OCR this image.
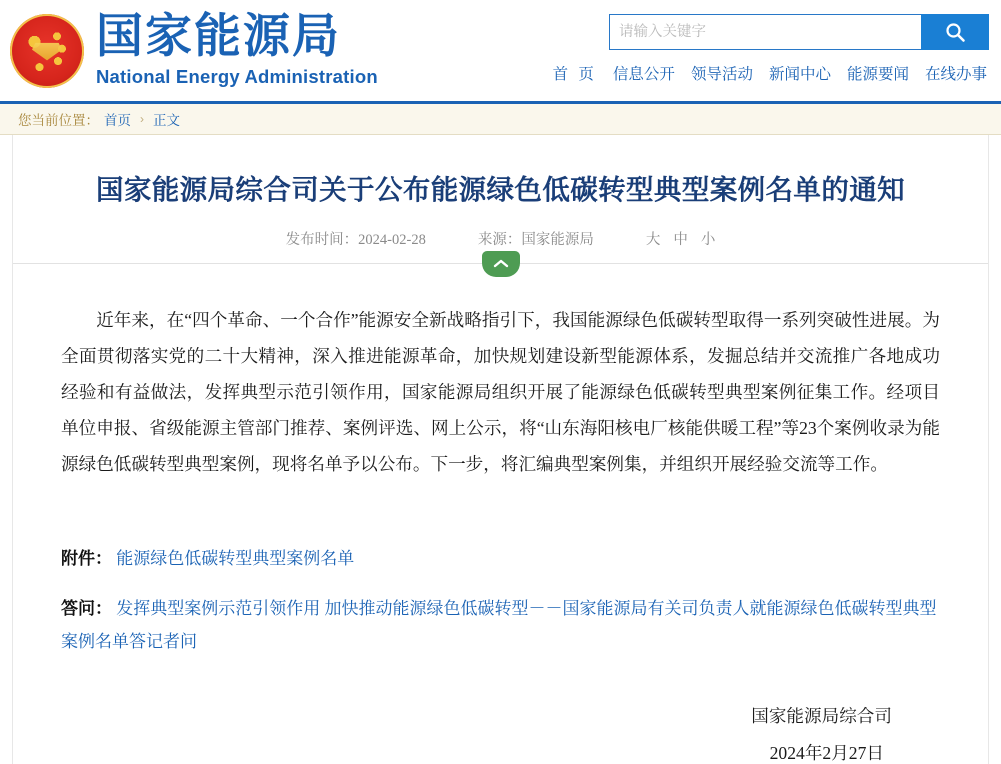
国家能源局
National Energy Administration
请输入关键字	首 页 信息公开 领导活动 新闻中心 能源要闻 在线办事
您当前位置： 首页 › 正文
国家能源局综合司关于公布能源绿色低碳转型典型案例名单的通知
发布时间：2024-02-28	来源：国家能源局	大 中 小

近年来，在“四个革命、一个合作”能源安全新战略指引下，我国能源绿色低碳转型取得一系列突破性进展。为全面贯彻落实党的二十大精神，深入推进能源革命，加快规划建设新型能源体系，发掘总结并交流推广各地成功经验和有益做法，发挥典型示范引领作用，国家能源局组织开展了能源绿色低碳转型典型案例征集工作。经项目单位申报、省级能源主管部门推荐、案例评选、网上公示，将“山东海阳核电厂核能供暖工程”等23个案例收录为能源绿色低碳转型典型案例，现将名单予以公布。下一步，将汇编典型案例集，并组织开展经验交流等工作。

附件： 能源绿色低碳转型典型案例名单
答问： 发挥典型案例示范引领作用 加快推动能源绿色低碳转型－－国家能源局有关司负责人就能源绿色低碳转型典型案例名单答记者问
国家能源局综合司
2024年2月27日
